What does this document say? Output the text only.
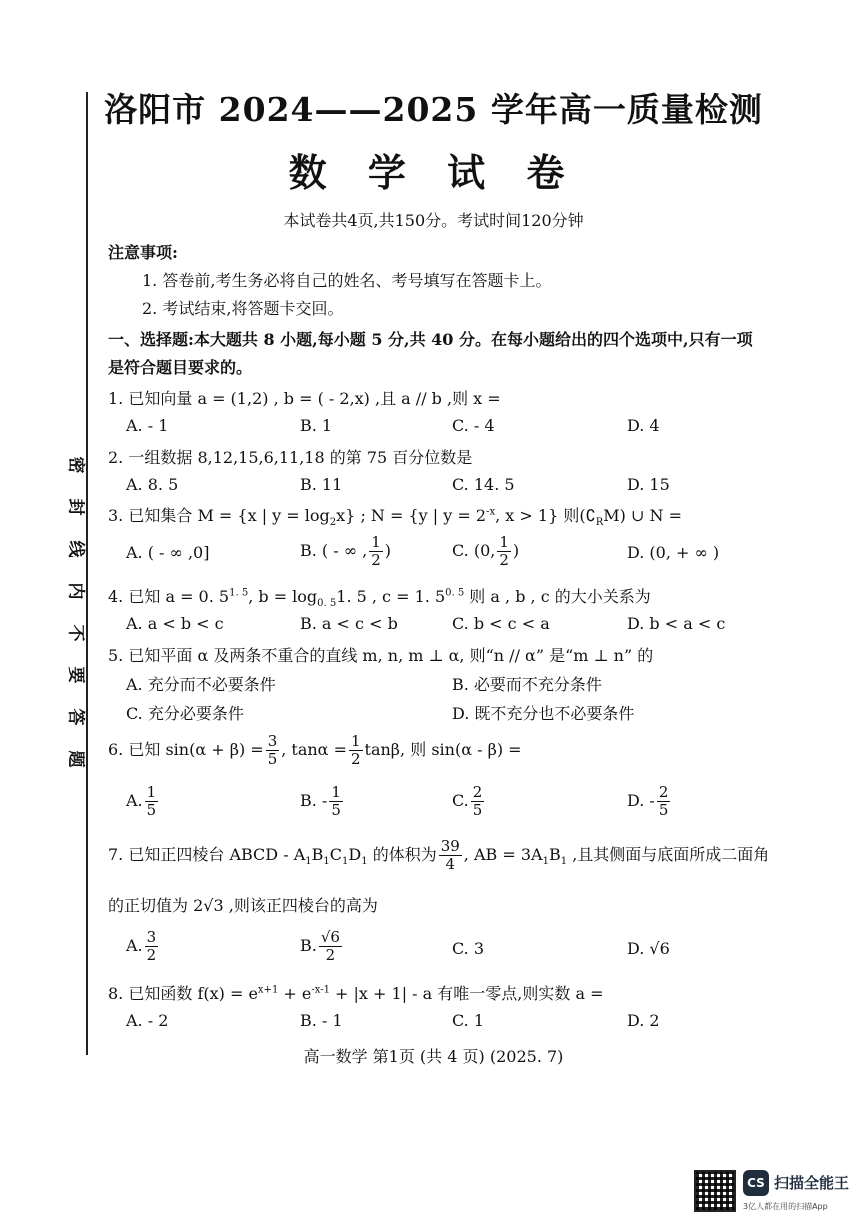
密
封
线
内
不
要
答
题
洛阳市 2024——2025 学年高一质量检测
数 学 试 卷
本试卷共4页,共150分。考试时间120分钟
注意事项:
1. 答卷前,考生务必将自己的姓名、考号填写在答题卡上。
2. 考试结束,将答题卡交回。
一、选择题:本大题共 8 小题,每小题 5 分,共 40 分。在每小题给出的四个选项中,只有一项
是符合题目要求的。
1. 已知向量 a = (1,2) , b = ( - 2,x) ,且 a // b ,则 x =
A. - 1	B. 1	C. - 4	D. 4
2. 一组数据 8,12,15,6,11,18 的第 75 百分位数是
A. 8. 5	B. 11	C. 14. 5	D. 15
3. 已知集合 M = {x | $y = \log_2x$} ; N = {y | $y = 2^{-x}$, x > 1} 则$(∁_RM)$ ∪ N =
A. ( - ∞ ,0]	B. ( - ∞ , $\frac{1}{2}$ )	C. (0, $\frac{1}{2}$ )	D. (0, + ∞ )
4. 已知 a = 0. $5^{1. 5}$, $b = \log_{0. 5}1$. 5 , c = 1. $5^{0. 5}$ 则 a , b , c 的大小关系为
A. a < b < c	B. a < c < b	C. b < c < a	D. b < a < c
5. 已知平面 α 及两条不重合的直线 m, n, m ⊥ α, 则“n // α” 是“m ⊥ n” 的
A. 充分而不必要条件	B. 必要而不充分条件
C. 充分必要条件	D. 既不充分也不必要条件
6. 已知 $\sin(\alpha + \beta) = \frac{3}{5}$ , $\tan\alpha = \frac{1}{2} \tan\beta$, 则 sin(α - β) =
A. $\frac{1}{5}$	B. - $\frac{1}{5}$	C. $\frac{2}{5}$	D. - $\frac{2}{5}$
7. 已知正四棱台 ABCD - $A_1B_1C_1D_1$ 的体积为 $\frac{39}{4}$ , AB = $3A_1B_1$ ,且其侧面与底面所成二面角
的正切值为 2√3 ,则该正四棱台的高为
A. $\frac{3}{2}$	B. $\frac{√6}{2}$	C. 3	D. √6
8. 已知函数 $f(x) = e^{x+1} + e^{-x-1} + |x + 1| - a$ 有唯一零点,则实数 a =
A. - 2	B. - 1	C. 1	D. 2
高一数学 第1页 (共 4 页) (2025. 7)
CS 扫描全能王
3亿人都在用的扫描App
